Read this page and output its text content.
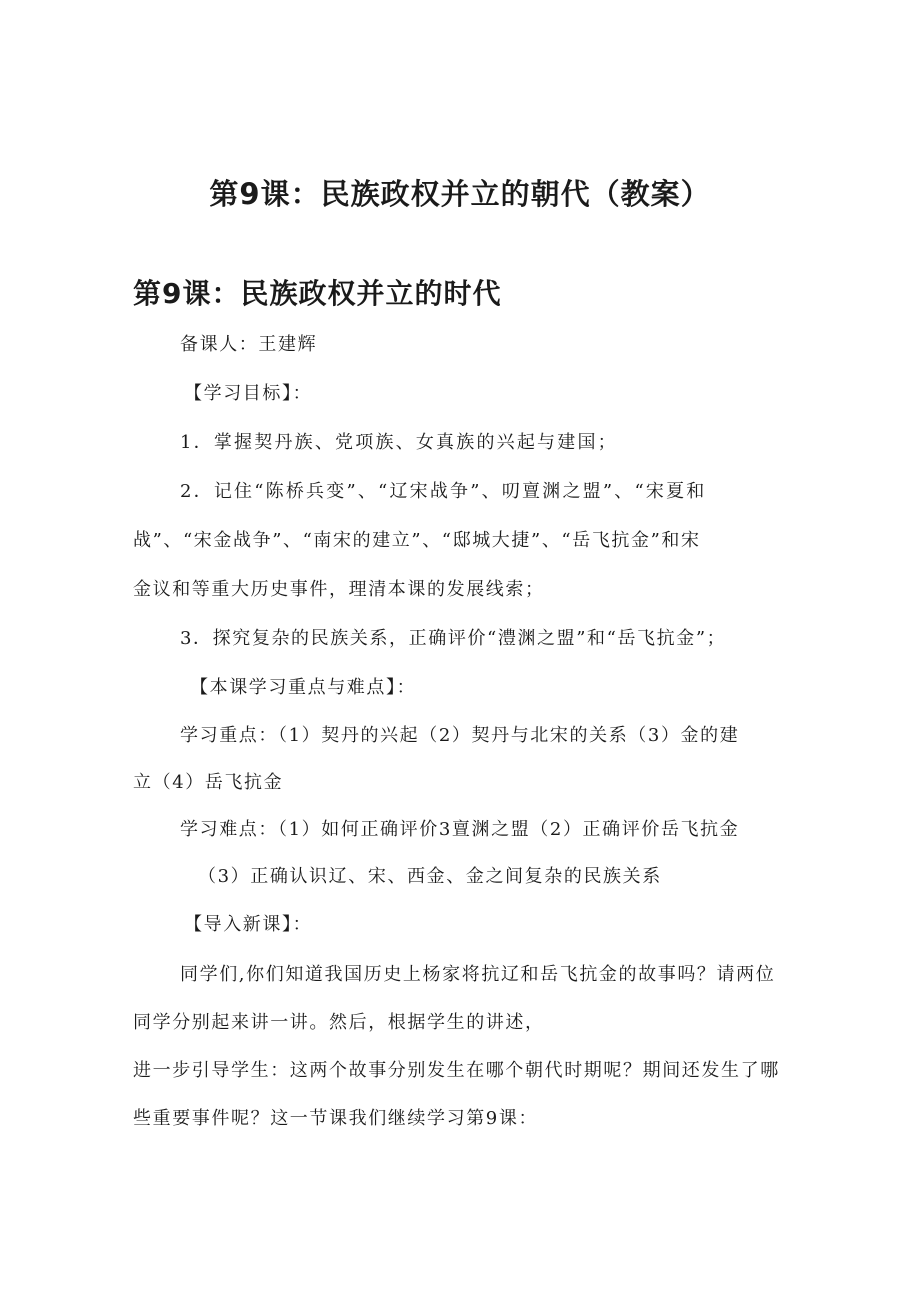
第9课：民族政权并立的朝代（教案）
第9课：民族政权并立的时代

备课人：王建辉

【学习目标】：

1．掌握契丹族、党项族、女真族的兴起与建国；

2．记住“陈桥兵变”、“辽宋战争”、叨亶渊之盟”、“宋夏和

战”、“宋金战争”、“南宋的建立”、“邸城大捷”、“岳飞抗金”和宋

金议和等重大历史事件，理清本课的发展线索；

3．探究复杂的民族关系，正确评价“澧渊之盟”和“岳飞抗金”；

【本课学习重点与难点】：

学习重点：（1）契丹的兴起（2）契丹与北宋的关系（3）金的建

立（4）岳飞抗金

学习难点：（1）如何正确评价3亶渊之盟（2）正确评价岳飞抗金

（3）正确认识辽、宋、西金、金之间复杂的民族关系

【导入新课】：

同学们,你们知道我国历史上杨家将抗辽和岳飞抗金的故事吗？请两位

同学分别起来讲一讲。然后，根据学生的讲述，

进一步引导学生：这两个故事分别发生在哪个朝代时期呢？期间还发生了哪

些重要事件呢？这一节课我们继续学习第9课：
